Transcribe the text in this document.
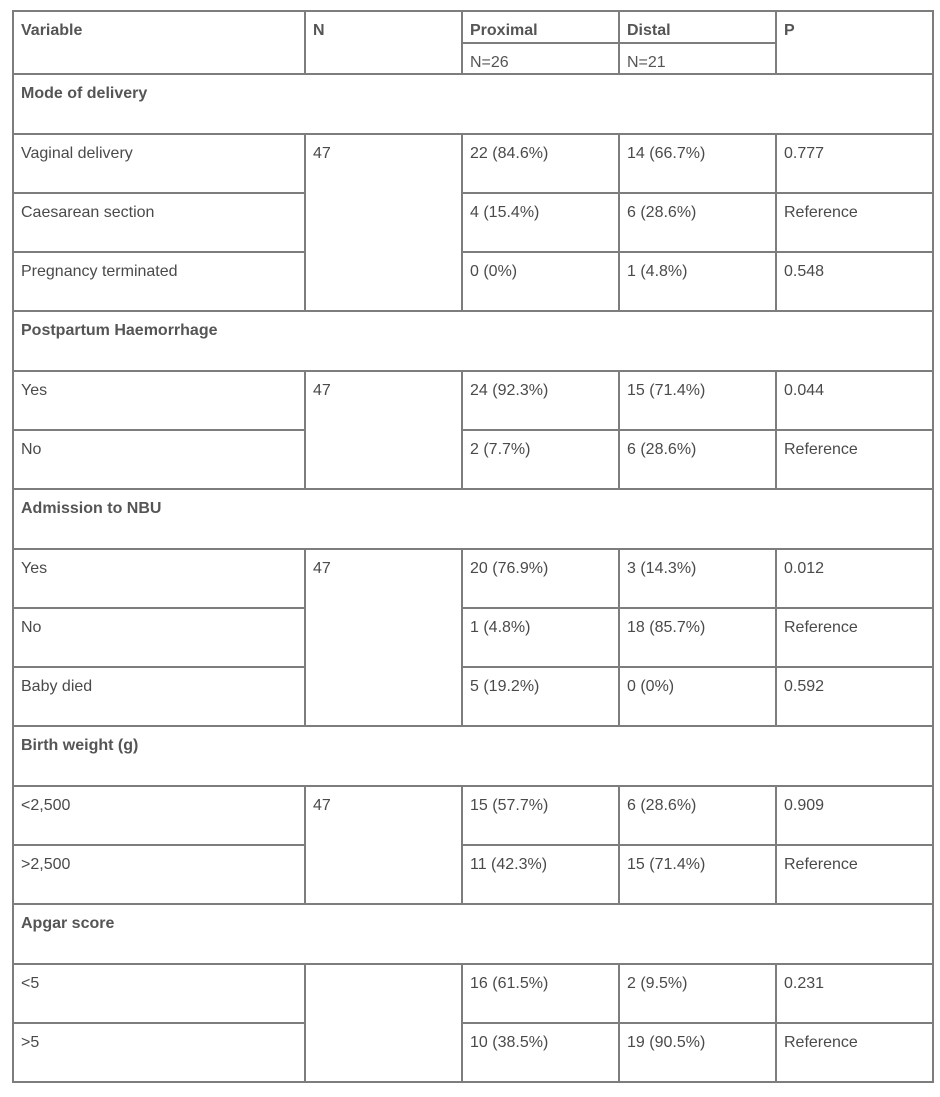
Variable	N	Proximal	Distal	P
		N=26	N=21	
Mode of delivery				
Vaginal delivery	47	22 (84.6%)	14 (66.7%)	0.777
Caesarean section		4 (15.4%)	6 (28.6%)	Reference
Pregnancy terminated		0 (0%)	1 (4.8%)	0.548
Postpartum Haemorrhage				
Yes	47	24 (92.3%)	15 (71.4%)	0.044
No		2 (7.7%)	6 (28.6%)	Reference
Admission to NBU				
Yes	47	20 (76.9%)	3 (14.3%)	0.012
No		1 (4.8%)	18 (85.7%)	Reference
Baby died		5 (19.2%)	0 (0%)	0.592
Birth weight (g)				
<2,500	47	15 (57.7%)	6 (28.6%)	0.909
>2,500		11 (42.3%)	15 (71.4%)	Reference
Apgar score				
<5		16 (61.5%)	2 (9.5%)	0.231
>5		10 (38.5%)	19 (90.5%)	Reference
